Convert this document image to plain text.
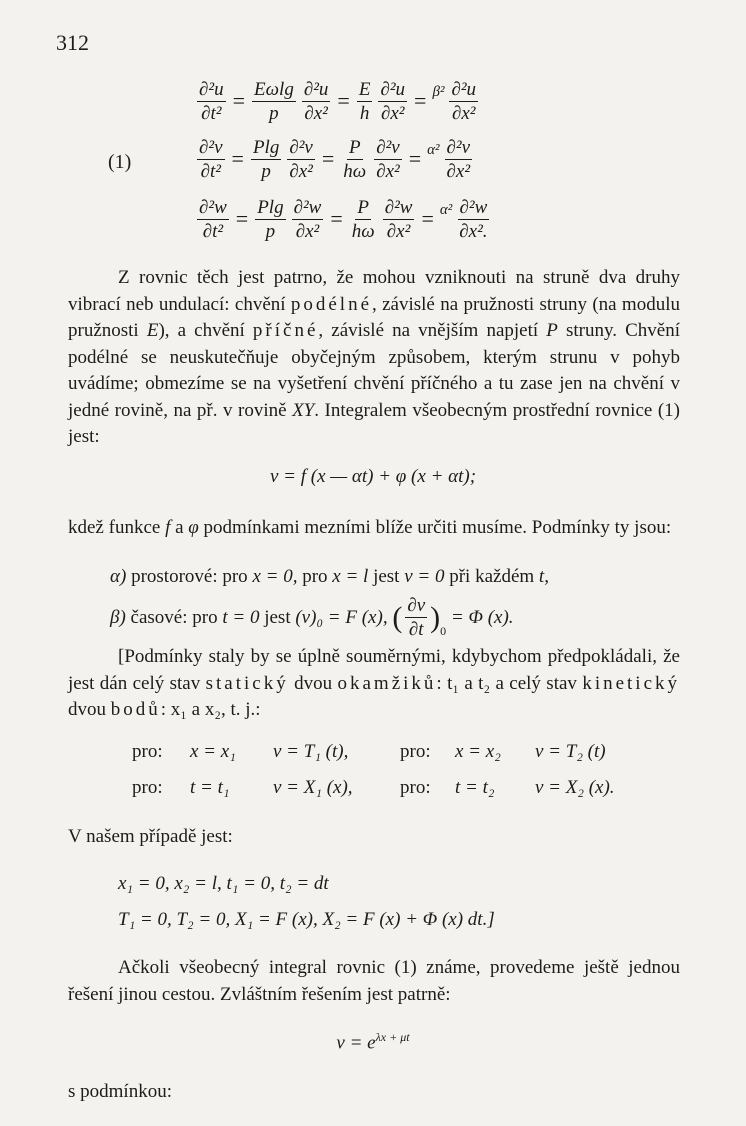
312
(1)
$\frac{\text{∂²u}}{\text{∂t²}} = \frac{E\omega\lg}{p} \frac{\text{∂²u}}{\text{∂x²}} = \frac{E}{h} \frac{\text{∂²u}}{\text{∂x²}} = \beta^2 \frac{\text{∂²u}}{\text{∂x²}}$
$\frac{\text{∂²v}}{\text{∂t²}} = \frac{Plg}{p} \frac{\text{∂²v}}{\text{∂x²}} = \frac{P}{h\omega} \frac{\text{∂²v}}{\text{∂x²}} = \alpha^2 \frac{\text{∂²v}}{\text{∂x²}}$
$\frac{\text{∂²w}}{\text{∂t²}} = \frac{Plg}{p} \frac{\text{∂²w}}{\text{∂x²}} = \frac{P}{h\omega} \frac{\text{∂²w}}{\text{∂x²}} = \alpha^2 \frac{\text{∂²w}}{\text{∂x².}}$
Z rovnic těch jest patrno, že mohou vzniknouti na struně dva druhy vibrací neb undulací: chvění podélné, závislé na pružnosti struny (na modulu pružnosti E), a chvění příčné, závislé na vnějším napjetí P struny. Chvění podélné se neuskutečňuje obyčejným způsobem, kterým strunu v pohyb uvádíme; obmezíme se na vyšetření chvění příčného a tu zase jen na chvění v jedné rovině, na př. v rovině XY. Integralem všeobecným prostřední rovnice (1) jest:
v = f (x — αt) + φ (x + αt);
kdež funkce f a φ podmínkami mezními blíže určiti musíme. Podmínky ty jsou:
α) prostorové: pro x = 0, pro x = l jest v = 0 při každém t,
β)
časové: pro
t = 0
jest
(v)₀ = F (x),
( $\frac{\partial v}{\partial t} )_0$

= Φ (x).
[Podmínky staly by se úplně souměrnými, kdybychom předpokládali, že jest dán celý stav statický dvou okamžiků: t₁ a t₂ a celý stav kinetický dvou bodů: x₁ a x₂, t. j.:
pro: x = x₁ v = T₁ (t),	pro: x = x₂ v = T₂ (t)
pro: t = t₁ v = X₁ (x), pro: t = t₂ v = X₂ (x).
V našem případě jest:
x₁ = 0, x₂ = l, t₁ = 0, t₂ = dt
T₁ = 0, T₂ = 0, X₁ = F (x), X₂ = F (x) + Φ (x) dt.]
Ačkoli všeobecný integral rovnic (1) známe, provedeme ještě jednou řešení jinou cestou. Zvláštním řešením jest patrně:
$v = e^{\lambda x + \mu t}$
s podmínkou:
